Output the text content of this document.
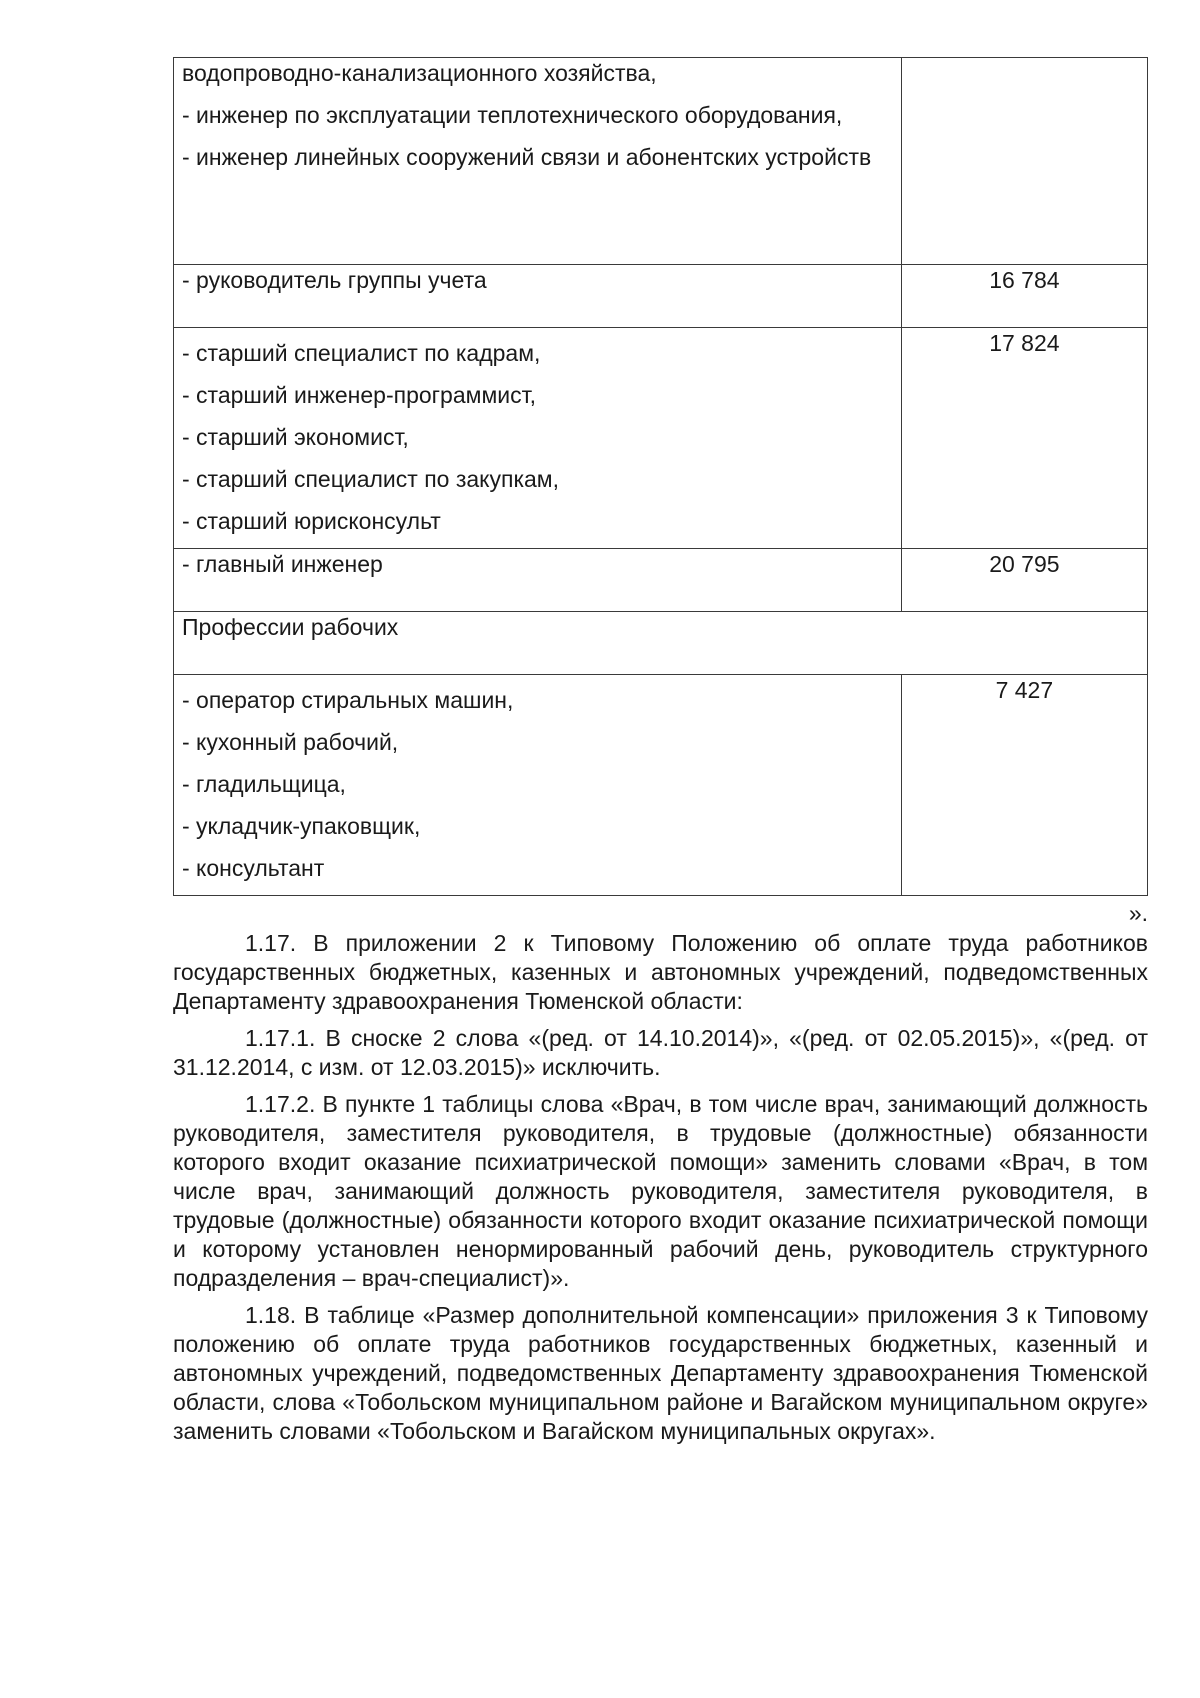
водопроводно-канализационного хозяйства,
- инженер по эксплуатации теплотехнического оборудования,
- инженер линейных сооружений связи и абонентских устройств	

- руководитель группы учета	16 784

- старший специалист по кадрам,
- старший инженер-программист,
- старший экономист,
- старший специалист по закупкам,
- старший юрисконсульт	17 824
- главный инженер	20 795
Профессии рабочих	

- оператор стиральных машин,
- кухонный рабочий,
- гладильщица,
- укладчик-упаковщик,
- консультант	7 427
».

1.17. В приложении 2 к Типовому Положению об оплате труда работников государственных бюджетных, казенных и автономных учреждений, подведомственных Департаменту здравоохранения Тюменской области:

1.17.1. В сноске 2 слова «(ред. от 14.10.2014)», «(ред. от 02.05.2015)», «(ред. от 31.12.2014, с изм. от 12.03.2015)» исключить.

1.17.2. В пункте 1 таблицы слова «Врач, в том числе врач, занимающий должность руководителя, заместителя руководителя, в трудовые (должностные) обязанности которого входит оказание психиатрической помощи» заменить словами «Врач, в том числе врач, занимающий должность руководителя, заместителя руководителя, в трудовые (должностные) обязанности которого входит оказание психиатрической помощи и которому установлен ненормированный рабочий день, руководитель структурного подразделения – врач-специалист)».

1.18. В таблице «Размер дополнительной компенсации» приложения 3 к Типовому положению об оплате труда работников государственных бюджетных, казенный и автономных учреждений, подведомственных Департаменту здравоохранения Тюменской области, слова «Тобольском муниципальном районе и Вагайском муниципальном округе» заменить словами «Тобольском и Вагайском муниципальных округах».
